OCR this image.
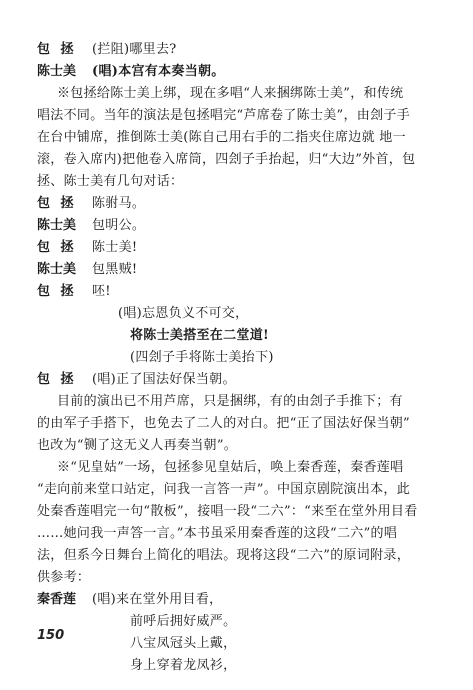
包 拯 (拦阻)哪里去?
陈士美 (唱)本宫有本奏当朝。
※包拯给陈士美上绑，现在多唱“人来捆绑陈士美”，和传统
唱法不同。当年的演法是包拯唱完“芦席卷了陈士美”，由刽子手
在台中铺席，推倒陈士美(陈自己用右手的二指夹住席边就 地一
滚，卷入席内)把他卷入席筒，四刽子手抬起，归“大边”外首，包
拯、陈士美有几句对话：
包 拯 陈驸马。
陈士美 包明公。
包 拯 陈士美!
陈士美 包黑贼!
包 拯 呸!
(唱)忘恩负义不可交，
将陈士美搭至在二堂道!
(四刽子手将陈士美抬下)
包 拯 (唱)正了国法好保当朝。
目前的演出已不用芦席，只是捆绑，有的由刽子手推下；有
的由军子手搭下，也免去了二人的对白。把“正了国法好保当朝”
也改为“铡了这无义人再奏当朝”。
※“见皇姑”一场，包拯参见皇姑后，唤上秦香莲，秦香莲唱
“走向前来堂口站定，问我一言答一声”。中国京剧院演出本，此
处秦香莲唱完一句“散板”，接唱一段“二六”：“来至在堂外用目看
……她问我一声答一言。”本书虽采用秦香莲的这段“二六”的唱
法，但系今日舞台上简化的唱法。现将这段“二六”的原词附录，
供参考：
秦香莲 (唱)来在堂外用目看，
前呼后拥好威严。
八宝凤冠头上戴，
身上穿着龙凤衫，
150
